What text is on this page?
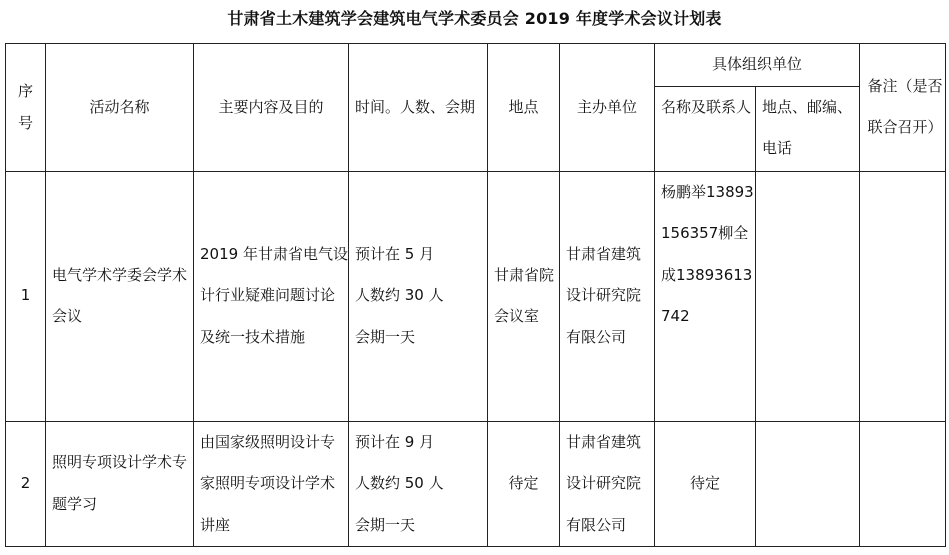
甘肃省土木建筑学会建筑电气学术委员会 2019 年度学术会议计划表
序号	活动名称	主要内容及目的	时间。人数、会期	地点	主办单位	具体组织单位		备注（是否联合召开）

						名称及联系人	地点、邮编、电话	

1	电气学术学委会学术会议	2019 年甘肃省电气设计行业疑难问题讨论及统一技术措施	预计在 5 月
人数约 30 人
会期一天	甘肃省院会议室	甘肃省建筑设计研究院有限公司	杨鹏举13893156357柳全成13893613742		
2	照明专项设计学术专题学习	由国家级照明设计专家照明专项设计学术讲座	预计在 9 月
人数约 50 人
会期一天	待定	甘肃省建筑设计研究院有限公司	待定		
